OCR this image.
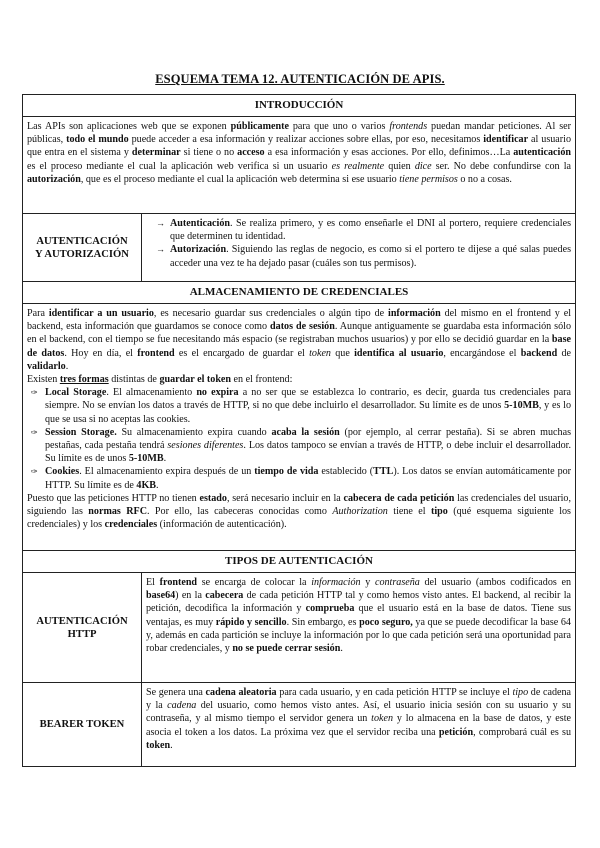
ESQUEMA TEMA 12. AUTENTICACIÓN DE APIS.
INTRODUCCIÓN

Las APIs son aplicaciones web que se exponen públicamente para que uno o varios frontends puedan mandar peticiones. Al ser públicas, todo el mundo puede acceder a esa información y realizar acciones sobre ellas, por eso, necesitamos identificar al usuario que entra en el sistema y determinar si tiene o no acceso a esa información y esas acciones. Por ello, definimos…La autenticación es el proceso mediante el cual la aplicación web verifica si un usuario es realmente quien dice ser. No debe confundirse con la autorización, que es el proceso mediante el cual la aplicación web determina si ese usuario tiene permisos o no a cosas.

AUTENTICACIÓN
Y AUTORIZACIÓN
→ Autenticación. Se realiza primero, y es como enseñarle el DNI al portero, requiere credenciales que determinen tu identidad.
→ Autorización. Siguiendo las reglas de negocio, es como si el portero te dijese a qué salas puedes acceder una vez te ha dejado pasar (cuáles son tus permisos).
ALMACENAMIENTO DE CREDENCIALES

Para identificar a un usuario, es necesario guardar sus credenciales o algún tipo de información del mismo en el frontend y el backend, esta información que guardamos se conoce como datos de sesión. Aunque antiguamente se guardaba esta información sólo en el backend, con el tiempo se fue necesitando más espacio (se registraban muchos usuarios) y por ello se decidió guardar en la base de datos. Hoy en día, el frontend es el encargado de guardar el token que identifica al usuario, encargándose el backend de validarlo.

Existen tres formas distintas de guardar el token en el frontend:

✑ Local Storage. El almacenamiento no expira a no ser que se establezca lo contrario, es decir, guarda tus credenciales para siempre. No se envían los datos a través de HTTP, si no que debe incluirlo el desarrollador. Su límite es de unos 5-10MB, y es lo que se usa si no aceptas las cookies.
✑ Session Storage. Su almacenamiento expira cuando acaba la sesión (por ejemplo, al cerrar pestaña). Si se abren muchas pestañas, cada pestaña tendrá sesiones diferentes. Los datos tampoco se envían a través de HTTP, o debe incluir el desarrollador. Su límite es de unos 5-10MB.
✑ Cookies. El almacenamiento expira después de un tiempo de vida establecido (TTL). Los datos se envían automáticamente por HTTP. Su límite es de 4KB.

Puesto que las peticiones HTTP no tienen estado, será necesario incluir en la cabecera de cada petición las credenciales del usuario, siguiendo las normas RFC. Por ello, las cabeceras conocidas como Authorization tiene el tipo (qué esquema siguiente los credenciales) y los credenciales (información de autenticación).

TIPOS DE AUTENTICACIÓN
AUTENTICACIÓN
HTTP
El frontend se encarga de colocar la información y contraseña del usuario (ambos codificados en base64) en la cabecera de cada petición HTTP tal y como hemos visto antes. El backend, al recibir la petición, decodifica la información y comprueba que el usuario está en la base de datos. Tiene sus ventajas, es muy rápido y sencillo. Sin embargo, es poco seguro, ya que se puede decodificar la base 64 y, además en cada partición se incluye la información por lo que cada petición será una oportunidad para robar credenciales, y no se puede cerrar sesión.
BEARER TOKEN
Se genera una cadena aleatoria para cada usuario, y en cada petición HTTP se incluye el tipo de cadena y la cadena del usuario, como hemos visto antes. Así, el usuario inicia sesión con su usuario y su contraseña, y al mismo tiempo el servidor genera un token y lo almacena en la base de datos, y este asocia el token a los datos. La próxima vez que el servidor reciba una petición, comprobará cuál es su token.
